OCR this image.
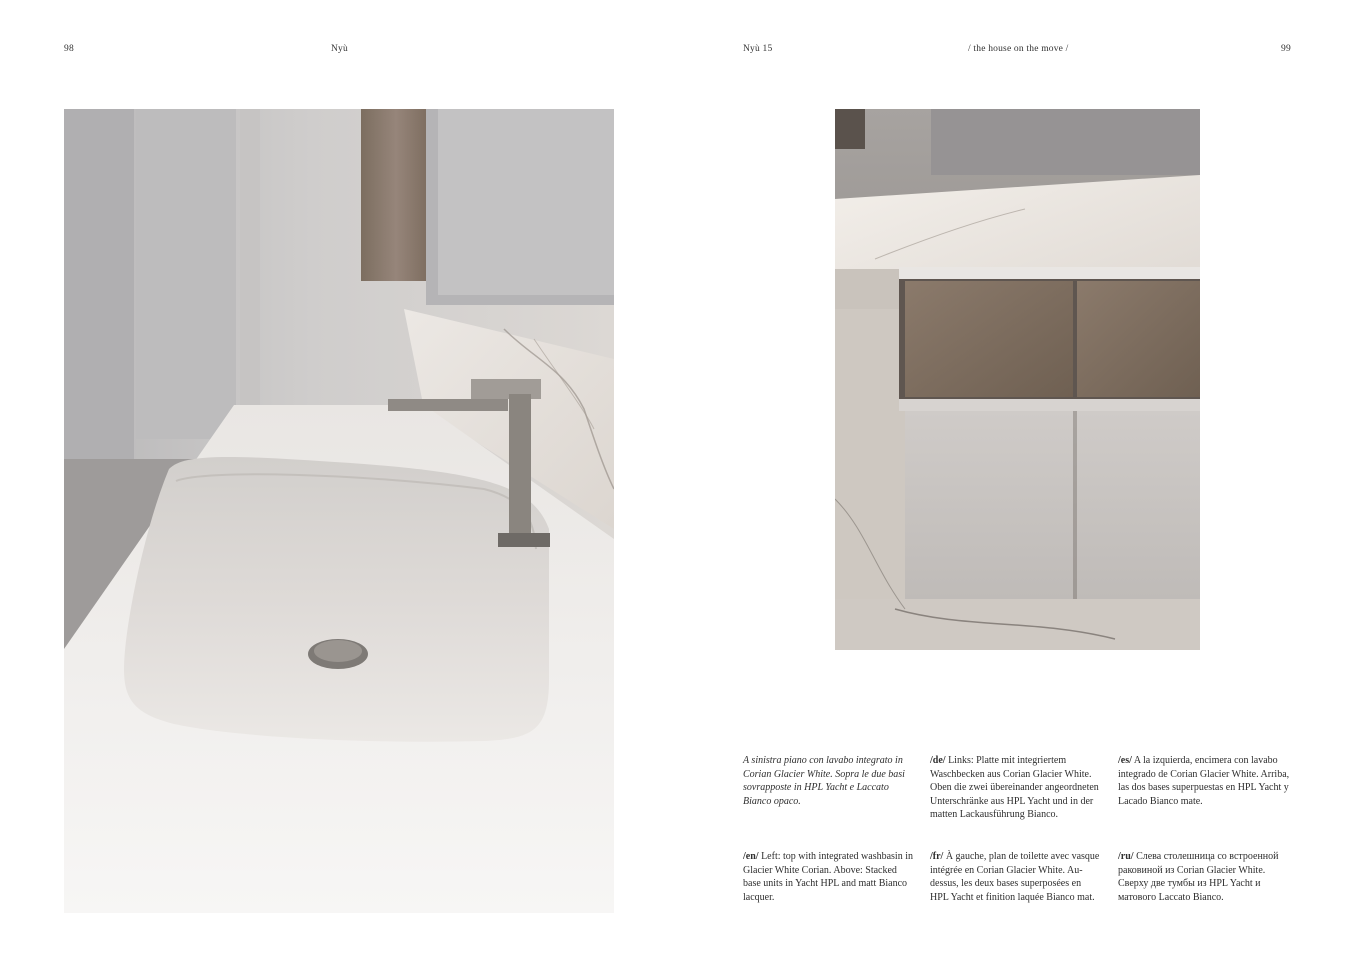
98	Nyù	Nyù 15	/ the house on the move /	99
A sinistra piano con lavabo integrato in Corian Glacier White. Sopra le due basi sovrapposte in HPL Yacht e Laccato Bianco opaco.
/de/ Links: Platte mit integriertem Waschbecken aus Corian Glacier White. Oben die zwei übereinander angeordneten Unterschränke aus HPL Yacht und in der matten Lackausführung Bianco.
/es/ A la izquierda, encimera con lavabo integrado de Corian Glacier White. Arriba, las dos bases superpuestas en HPL Yacht y Lacado Bianco mate.
/en/ Left: top with integrated washbasin in Glacier White Corian. Above: Stacked base units in Yacht HPL and matt Bianco lacquer.
/fr/ À gauche, plan de toilette avec vasque intégrée en Corian Glacier White. Au-dessus, les deux bases superposées en HPL Yacht et finition laquée Bianco mat.
/ru/ Слева столешница со встроенной раковиной из Corian Glacier White. Сверху две тумбы из HPL Yacht и матового Laccato Bianco.
